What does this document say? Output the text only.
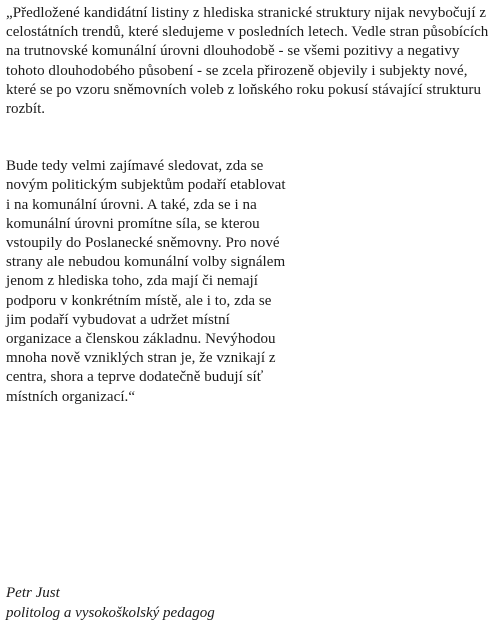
„Předložené kandidátní listiny z hlediska stranické struktury nijak nevybočují z celostátních trendů, které sledujeme v posledních letech. Vedle stran působících na trutnovské komunální úrovni dlouhodobě - se všemi pozitivy a negativy tohoto dlouhodobého působení - se zcela přirozeně objevily i subjekty nové, které se po vzoru sněmovních voleb z loňského roku pokusí stávající strukturu rozbít.

Bude tedy velmi zajímavé sledovat, zda se novým politickým subjektům podaří etablovat i na komunální úrovni. A také, zda se i na komunální úrovni promítne síla, se kterou vstoupily do Poslanecké sněmovny. Pro nové strany ale nebudou komunální volby signálem jenom z hlediska toho, zda mají či nemají podporu v konkrétním místě, ale i to, zda se jim podaří vybudovat a udržet místní organizace a členskou základnu. Nevýhodou mnoha nově vzniklých stran je, že vznikají z centra, shora a teprve dodatečně budují síť místních organizací.“

Petr Just
politolog a vysokoškolský pedagog
